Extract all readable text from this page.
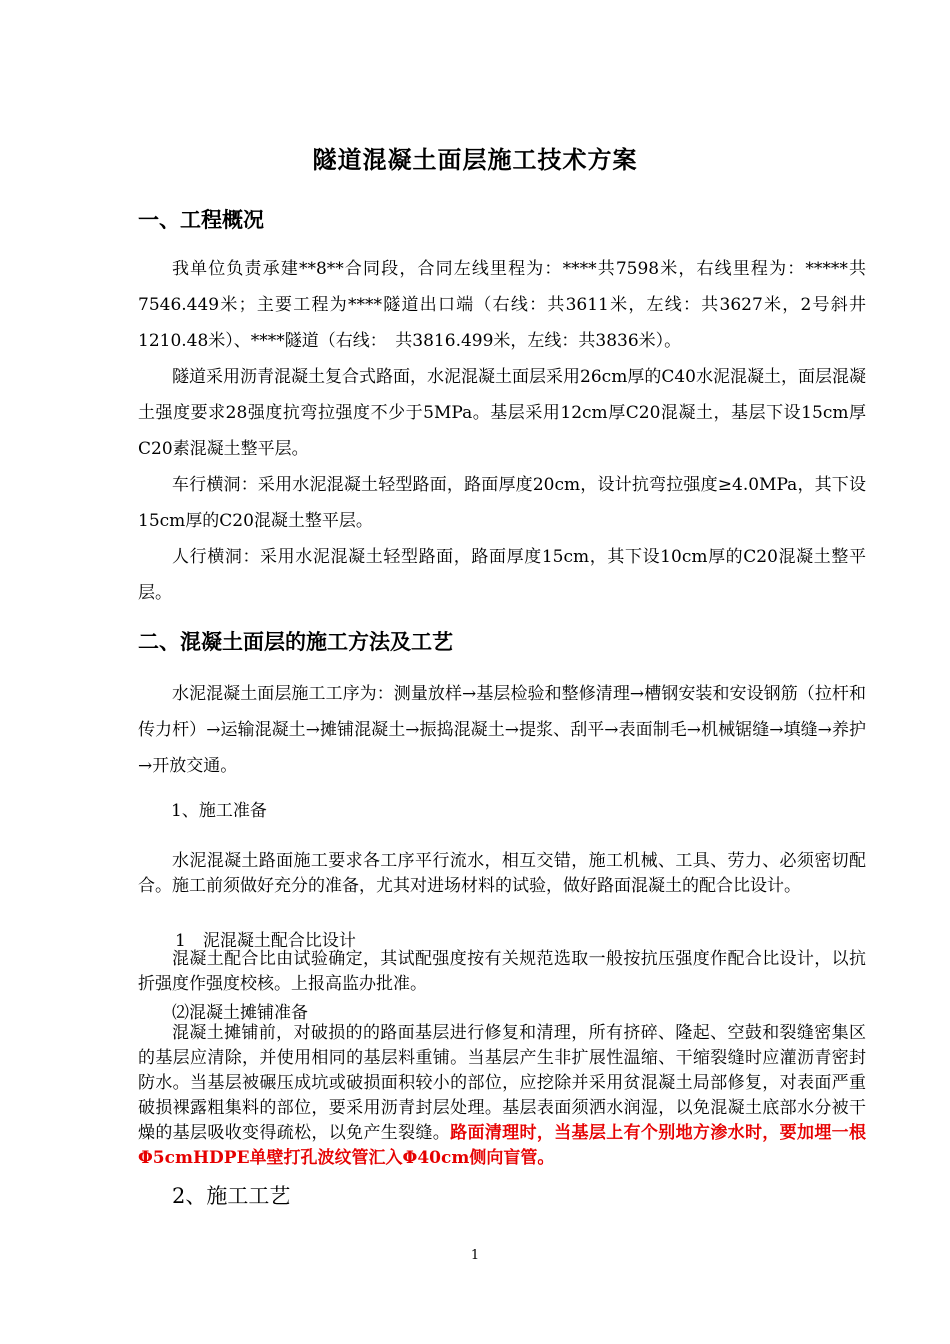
隧道混凝土面层施工技术方案
一、工程概况
我单位负责承建**8**合同段，合同左线里程为：****共7598米，右线里程为：*****共7546.449米；主要工程为****隧道出口端（右线：共3611米，左线：共3627米，2号斜井1210.48米）、****隧道（右线：　共3816.499米，左线：共3836米）。
隧道采用沥青混凝土复合式路面，水泥混凝土面层采用26cm厚的C40水泥混凝土，面层混凝土强度要求28强度抗弯拉强度不少于5MPa。基层采用12cm厚C20混凝土，基层下设15cm厚C20素混凝土整平层。
车行横洞：采用水泥混凝土轻型路面，路面厚度20cm，设计抗弯拉强度≥4.0MPa，其下设15cm厚的C20混凝土整平层。
人行横洞：采用水泥混凝土轻型路面，路面厚度15cm，其下设10cm厚的C20混凝土整平层。
二、混凝土面层的施工方法及工艺
水泥混凝土面层施工工序为：测量放样→基层检验和整修清理→槽钢安装和安设钢筋（拉杆和传力杆）→运输混凝土→摊铺混凝土→振捣混凝土→提浆、刮平→表面制毛→机械锯缝→填缝→养护→开放交通。
1、施工准备
水泥混凝土路面施工要求各工序平行流水，相互交错，施工机械、工具、劳力、必须密切配合。施工前须做好充分的准备，尤其对进场材料的试验，做好路面混凝土的配合比设计。
1　泥混凝土配合比设计
混凝土配合比由试验确定，其试配强度按有关规范选取一般按抗压强度作配合比设计，以抗折强度作强度校核。上报高监办批准。
⑵混凝土摊铺准备
混凝土摊铺前，对破损的的路面基层进行修复和清理，所有挤碎、隆起、空鼓和裂缝密集区的基层应清除，并使用相同的基层料重铺。当基层产生非扩展性温缩、干缩裂缝时应灌沥青密封防水。当基层被碾压成坑或破损面积较小的部位，应挖除并采用贫混凝土局部修复，对表面严重破损裸露粗集料的部位，要采用沥青封层处理。基层表面须洒水润湿，以免混凝土底部水分被干燥的基层吸收变得疏松，以免产生裂缝。路面清理时，当基层上有个别地方渗水时，要加埋一根Φ5cmHDPE单壁打孔波纹管汇入Φ40cm侧向盲管。
2、施工工艺
1
